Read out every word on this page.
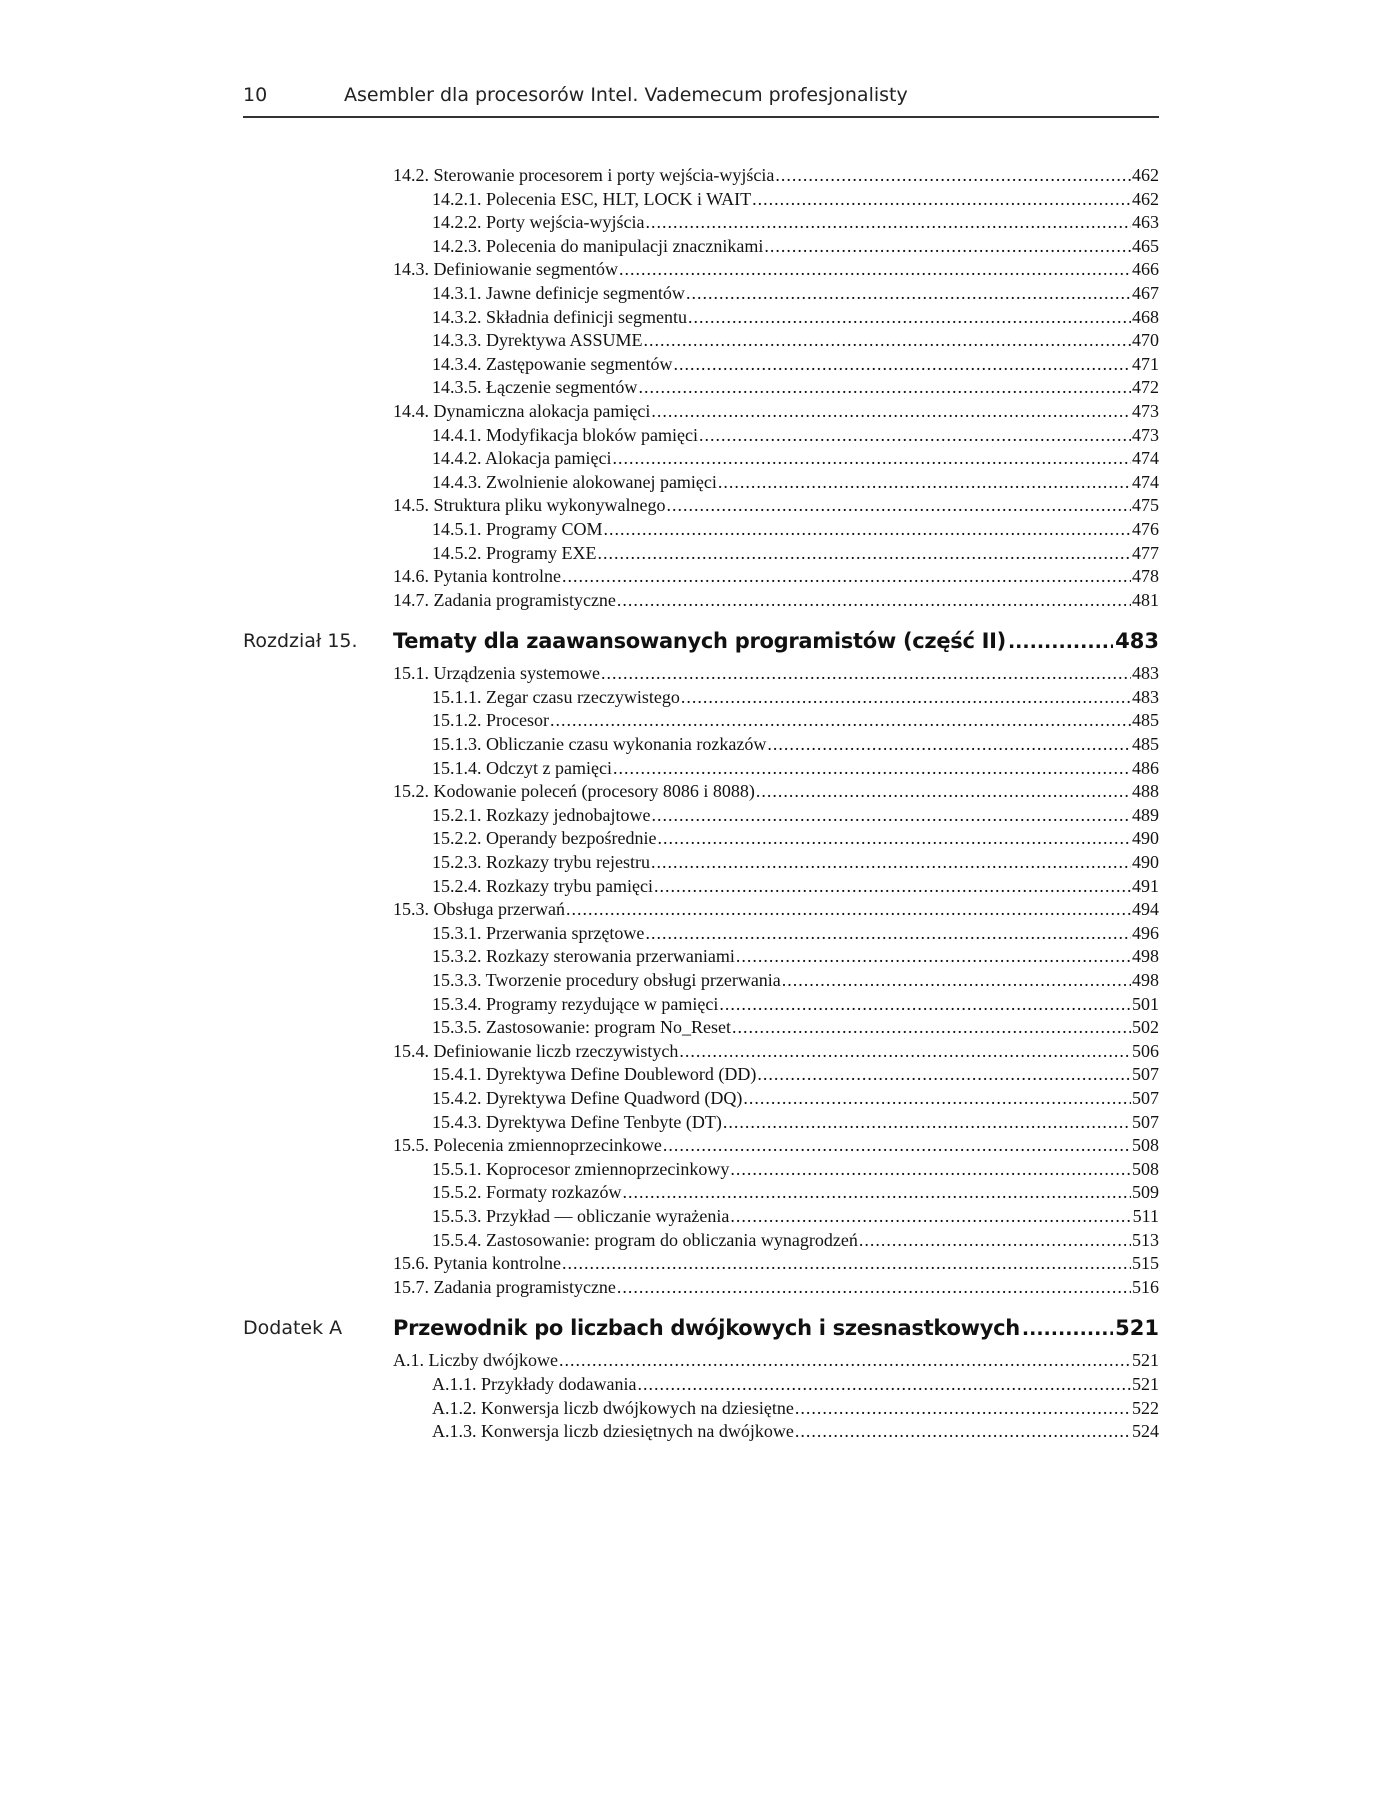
10	Asembler dla procesorów Intel. Vademecum profesjonalisty
14.2. Sterowanie procesorem i porty wejścia-wyjścia .....	462
14.2.1. Polecenia ESC, HLT, LOCK i WAIT .....	462
14.2.2. Porty wejścia-wyjścia .....	463
14.2.3. Polecenia do manipulacji znacznikami .....	465
14.3. Definiowanie segmentów .....	466
14.3.1. Jawne definicje segmentów .....	467
14.3.2. Składnia definicji segmentu .....	468
14.3.3. Dyrektywa ASSUME .....	470
14.3.4. Zastępowanie segmentów .....	471
14.3.5. Łączenie segmentów .....	472
14.4. Dynamiczna alokacja pamięci .....	473
14.4.1. Modyfikacja bloków pamięci .....	473
14.4.2. Alokacja pamięci .....	474
14.4.3. Zwolnienie alokowanej pamięci .....	474
14.5. Struktura pliku wykonywalnego .....	475
14.5.1. Programy COM .....	476
14.5.2. Programy EXE .....	477
14.6. Pytania kontrolne .....	478
14.7. Zadania programistyczne .....	481
Rozdział 15. Tematy dla zaawansowanych programistów (część II) .....	483
15.1. Urządzenia systemowe .....	483
15.1.1. Zegar czasu rzeczywistego .....	483
15.1.2. Procesor .....	485
15.1.3. Obliczanie czasu wykonania rozkazów .....	485
15.1.4. Odczyt z pamięci .....	486
15.2. Kodowanie poleceń (procesory 8086 i 8088) .....	488
15.2.1. Rozkazy jednobajtowe .....	489
15.2.2. Operandy bezpośrednie .....	490
15.2.3. Rozkazy trybu rejestru .....	490
15.2.4. Rozkazy trybu pamięci .....	491
15.3. Obsługa przerwań .....	494
15.3.1. Przerwania sprzętowe .....	496
15.3.2. Rozkazy sterowania przerwaniami .....	498
15.3.3. Tworzenie procedury obsługi przerwania .....	498
15.3.4. Programy rezydujące w pamięci .....	501
15.3.5. Zastosowanie: program No_Reset .....	502
15.4. Definiowanie liczb rzeczywistych .....	506
15.4.1. Dyrektywa Define Doubleword (DD) .....	507
15.4.2. Dyrektywa Define Quadword (DQ) .....	507
15.4.3. Dyrektywa Define Tenbyte (DT) .....	507
15.5. Polecenia zmiennoprzecinkowe .....	508
15.5.1. Koprocesor zmiennoprzecinkowy .....	508
15.5.2. Formaty rozkazów .....	509
15.5.3. Przykład — obliczanie wyrażenia .....	511
15.5.4. Zastosowanie: program do obliczania wynagrodzeń .....	513
15.6. Pytania kontrolne .....	515
15.7. Zadania programistyczne .....	516
Dodatek A Przewodnik po liczbach dwójkowych i szesnastkowych .....	521
A.1. Liczby dwójkowe .....	521
A.1.1. Przykłady dodawania .....	521
A.1.2. Konwersja liczb dwójkowych na dziesiętne .....	522
A.1.3. Konwersja liczb dziesiętnych na dwójkowe .....	524
